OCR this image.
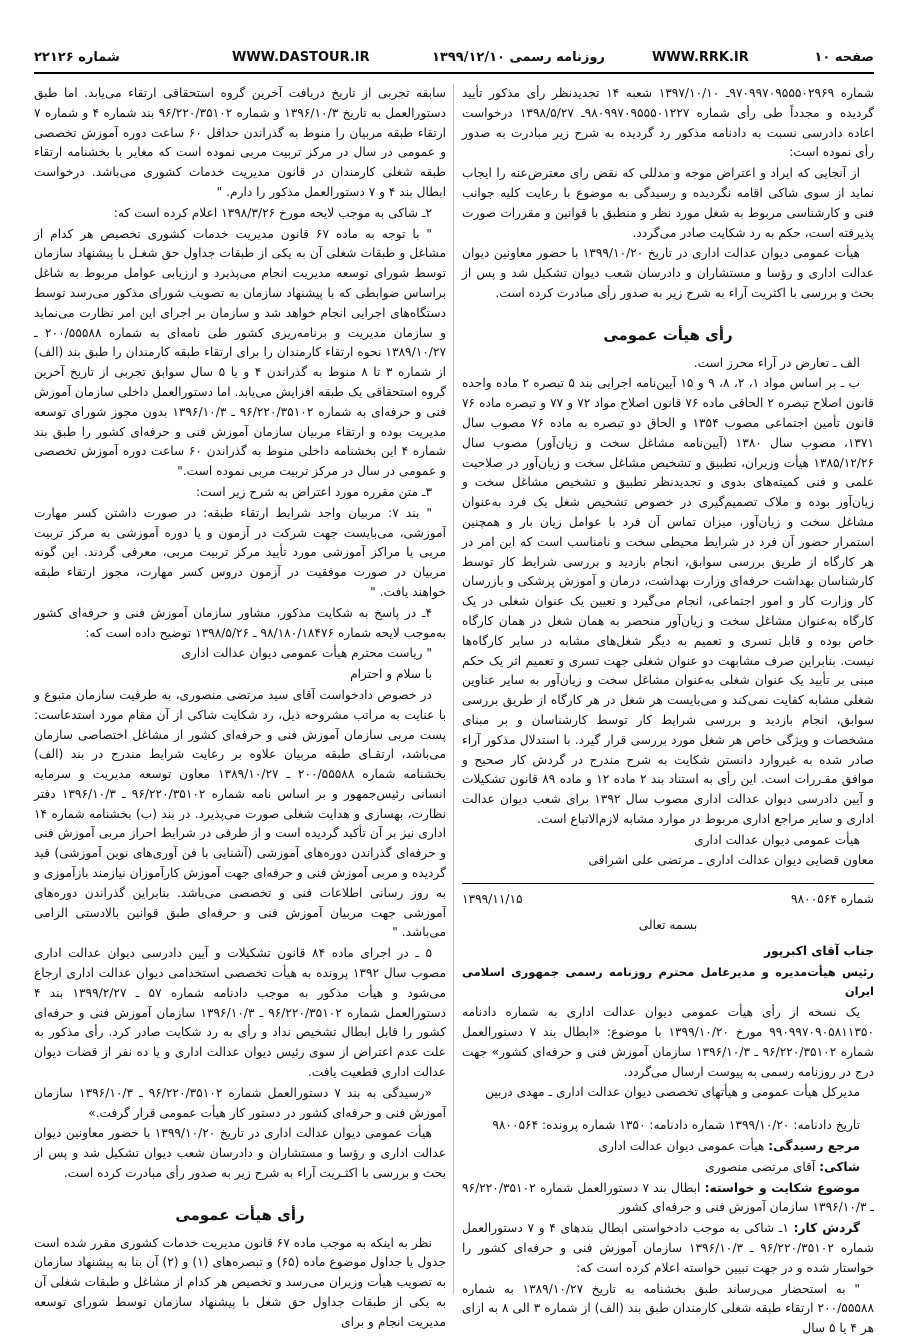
شماره ۲۲۱۲۶	WWW.DASTOUR.IR	روزنامه رسمی ۱۳۹۹/۱۲/۱۰	WWW.RRK.IR	صفحه ۱۰

شماره ۹۷۰۹۹۷۰۹۵۵۵۰۲۹۶۹ـ ۱۳۹۷/۱۰/۱۰ شعبه ۱۴ تجدیدنظر رأی مذکور تأیید گردیده و مجدداً طی رأی شماره ۹۸۰۹۹۷۰۹۵۵۵۰۱۲۲۷ـ ۱۳۹۸/۵/۲۷ درخواست اعاده دادرسی نسبت به دادنامه مذکور رد گردیده به شرح زیر مبادرت به صدور رأی نموده است:

از آنجایی که ایراد و اعتراض موجه و مدللی که نقض رای معترض‌عنه را ایجاب نماید از سوی شاکی اقامه نگردیده و رسیدگی به موضوع با رعایت کلیه جوانب فنی و کارشناسی مربوط به شغل مورد نظر و منطبق با قوانین و مقررات صورت پذیرفته است، حکم به رد شکایت صادر می‌گردد.

هیأت عمومی دیوان عدالت اداری در تاریخ ۱۳۹۹/۱۰/۲۰ با حضور معاونین دیوان عدالت اداری و رؤسا و مستشاران و دادرسان شعب دیوان تشکیل شد و پس از بحث و بررسی با اکثریت آراء به شرح زیر به صدور رأی مبادرت کرده است.

رأی هیأت عمومی

الف ـ تعارض در آراء محرز است.

ب ـ بر اساس مواد ۱، ۲، ۸، ۹ و ۱۵ آیین‌نامه اجرایی بند ۵ تبصره ۲ ماده واحده قانون اصلاح تبصره ۲ الحاقی ماده ۷۶ قانون اصلاح مواد ۷۲ و ۷۷ و تبصره ماده ۷۶ قانون تأمین اجتماعی مصوب ۱۳۵۴ و الحاق دو تبصره به ماده ۷۶ مصوب سال ۱۳۷۱، مصوب سال ۱۳۸۰ (آیین‌نامه مشاغل سخت و زیان‌آور) مصوب سال ۱۳۸۵/۱۲/۲۶ هیأت وزیران، تطبیق و تشخیص مشاغل سخت و زیان‌آور در صلاحیت علمی و فنی کمیته‌های بدوی و تجدیدنظر تطبیق و تشخیص مشاغل سخت و زیان‌آور بوده و ملاک تصمیم‌گیری در خصوص تشخیص شغل یک فرد به‌عنوان مشاغل سخت و زیان‌آور، میزان تماس آن فرد با عوامل زیان بار و همچنین استمرار حضور آن فرد در شرایط محیطی سخت و نامناسب است که این امر در هر کارگاه از طریق بررسی سوابق، انجام بازدید و بررسی شرایط کار توسط کارشناسان بهداشت حرفه‌ای وزارت بهداشت، درمان و آموزش پزشکی و بازرسان کار وزارت کار و امور اجتماعی، انجام می‌گیرد و تعیین یک عنوان شغلی در یک کارگاه به‌عنوان مشاغل سخت و زیان‌آور منحصر به همان شغل در همان کارگاه خاص بوده و قابل تسری و تعمیم به دیگر شغل‌های مشابه در سایر کارگاه‌ها نیست. بنابراین صرف مشابهت دو عنوان شغلی جهت تسری و تعمیم اثر یک حکم مبنی بر تأیید یک عنوان شغلی به‌عنوان مشاغل سخت و زیان‌آور به سایر عناوین شغلی مشابه کفایت نمی‌کند و می‌بایست هر شغل در هر کارگاه از طریق بررسی سوابق، انجام بازدید و بررسی شرایط کار توسط کارشناسان و بر مبنای مشخصات و ویژگی خاص هر شغل مورد بررسی قرار گیرد. با استدلال مذکور آراء صادر شده به غیروارد دانستن شکایت به شرح مندرج در گردش کار صحیح و موافق مقـ‌ررات است. این رأی به استناد بند ۲ ماده ۱۲ و ماده ۸۹ قانون تشکیلات و آیین دادرسی دیوان عدالت اداری مصوب سال ۱۳۹۲ برای شعب دیوان عدالت اداری و سایر مراجع اداری مربوط در موارد مشابه لازم‌الاتباع است.

هیأت عمومی دیوان عدالت اداری

معاون قضایی دیوان عدالت اداری ـ مرتضی علی اشراقی

شماره ۹۸۰۰۵۶۴
۱۳۹۹/۱۱/۱۵

بسمه تعالی

جناب آقای اکبرپور

رئیس هیأت‌مدیره و مدیرعامل محترم روزنامه رسمی جمهوری اسلامی ایران

یک نسخه از رأی هیأت عمومی دیوان عدالت اداری به شماره دادنامه ۹۹۰۹۹۷۰۹۰۵۸۱۱۳۵۰ مورخ ۱۳۹۹/۱۰/۲۰ با موضوع: «ابطال بند ۷ دستورالعمل شماره ۹۶/۲۲۰/۳۵۱۰۲ ـ ۱۳۹۶/۱۰/۳ سازمان آموزش فنی و حرفه‌ای کشور» جهت درج در روزنامه رسمی به پیوست ارسال می‌گردد.

مدیرکل هیأت عمومی و هیأتهای تخصصی دیوان عدالت اداری ـ مهدی دربین

تاریخ دادنامه: ۱۳۹۹/۱۰/۲۰ شماره دادنامه: ۱۳۵۰ شماره پرونده: ۹۸۰۰۵۶۴

مرجع رسیدگی: هیأت عمومی دیوان عدالت اداری

شاکی: آقای مرتضی منصوری

موضوع شکایت و خواسته: ابطال بند ۷ دستورالعمل شماره ۹۶/۲۲۰/۳۵۱۰۲ ـ ۱۳۹۶/۱۰/۳ سازمان آموزش فنی و حرفه‌ای کشور

گردش کار: ۱ـ شاکی به موجب دادخواستی ابطال بندهای ۴ و ۷ دستورالعمل شماره ۹۶/۲۲۰/۳۵۱۰۲ ـ ۱۳۹۶/۱۰/۳ سازمان آموزش فنی و حرفه‌ای کشور را خواستار شده و در جهت تبیین خواسته اعلام کرده است که:

" به استحضار می‌رساند طبق بخشنامه به تاریخ ۱۳۸۹/۱۰/۲۷ به شماره ۲۰۰/۵۵۵۸۸ ارتقاء طبقه شغلی کارمندان طبق بند (الف) از شماره ۳ الی ۸ به ازای هر ۴ یا ۵ سال

سابقه تجربی از تاریخ دریافت آخرین گروه استحقاقی ارتقاء می‌یابد. اما طبق دستورالعمل به تاریخ ۱۳۹۶/۱۰/۳ و شماره ۹۶/۲۲۰/۳۵۱۰۲ بند شماره ۴ و شماره ۷ ارتقاء طبقه مربیان را منوط به گذراندن حداقل ۶۰ ساعت دوره آموزش تخصصی و عمومی در سال در مرکز تربیت مربی نموده است که مغایر با بخشنامه ارتقاء طبقه شغلی کارمندان در قانون مدیریت خدمات کشوری می‌باشد. درخواست ابطال بند ۴ و ۷ دستورالعمل مذکور را دارم. "

۲ـ شاکی به موجب لایحه مورخ ۱۳۹۸/۳/۲۶ اعلام کرده است که:

" با توجه به ماده ۶۷ قانون مدیریت خدمات کشوری تخصیص هر کدام از مشاغل و طبقات شغلی آن به یکی از طبقات جداول حق شغـل با پیشنهاد سازمان توسط شورای توسعه مدیریت انجام می‌پذیرد و ارزیابی عوامل مربوط به شاغل براساس ضوابطی که با پیشنهاد سازمان به تصویب شورای مذکور می‌رسد توسط دستگاه‌های اجرایی انجام خواهد شد و سازمان بر اجرای این امر نظارت می‌نماید و سازمان مدیریت و برنامه‌ریزی کشور طی نامه‌ای به شماره ۲۰۰/۵۵۵۸۸ ـ ۱۳۸۹/۱۰/۲۷ نحوه ارتقاء کارمندان را برای ارتقاء طبقه کارمندان را طبق بند (الف) از شماره ۳ تا ۸ منوط به گذراندن ۴ و یا ۵ سال سوابق تجربی از تاریخ آخرین گروه استحقاقی یک طبقه افزایش می‌یابد. اما دستورالعمل داخلی سازمان آموزش فنی و حرفه‌ای به شماره ۹۶/۲۲۰/۳۵۱۰۲ ـ ۱۳۹۶/۱۰/۳ بدون مجوز شورای توسعه مدیریت بوده و ارتقاء مربیان سازمان آموزش فنی و حرفه‌ای کشور را طبق بند شماره ۴ این بخشنامه داخلی منوط به گذراندن ۶۰ ساعت دوره آموزش تخصصی و عمومی در سال در مرکز تربیت مربی نموده است."

۳ـ متن مقرره مورد اعتراض به شرح زیر است:

" بند ۷: مربیان واجد شرایط ارتقاء طبقه: در صورت داشتن کسر مهارت آموزشی، می‌بایست جهت شرکت در آزمون و یا دوره آموزشی به مرکز تربیت مربی یا مراکز آموزشی مورد تأیید مرکز تربیت مربی، معرفی گردند. این گونه مربیان در صورت موفقیت در آزمون دروس کسر مهارت، مجوز ارتقاء طبقه خواهند یافت. "

۴ـ در پاسخ به شکایت مذکور، مشاور سازمان آموزش فنی و حرفه‌ای کشور به‌موجب لایحه شماره ۹۸/۱۸۰/۱۸۴۷۶ ـ ۱۳۹۸/۵/۲۶ توضیح داده است که:

" ریاست محترم هیأت عمومی دیوان عدالت اداری

با سلام و احترام

در خصوص دادخواست آقای سید مرتضی منصوری، به طرفیت سازمان متبوع و با عنایت به مراتب مشروحه ذیل، رد شکایت شاکی از آن مقام مورد استدعاست: پست مربی سازمان آموزش فنی و حرفه‌ای کشور از مشاغل اختصاصی سازمان می‌باشد، ارتقـای طبقه مربیان علاوه بر رعایت شرایط مندرج در بند (الف) بخشنامه شماره ۲۰۰/۵۵۵۸۸ ـ ۱۳۸۹/۱۰/۲۷ معاون توسعه مدیریت و سرمایه انسانی رئیس‌جمهور و بر اساس نامه شماره ۹۶/۲۲۰/۳۵۱۰۲ ـ ۱۳۹۶/۱۰/۳ دفتر نظارت، بهسازی و هدایت شغلی صورت می‌پذیرد. در بند (ب) بخشنامه شماره ۱۴ اداری نیز بر آن تأکید گردیده است و از طرفی در شرایط احراز مربی آموزش فنی و حرفه‌ای گذراندن دوره‌های آموزشی (آشنایی با فن آوری‌های نوین آموزشی) قید گردیده و مربی آموزش فنی و حرفه‌ای جهت آموزش کارآموزان نیازمند بازآموزی و به روز رسانی اطلاعات فنی و تخصصی می‌باشد. بنابراین گذراندن دوره‌های آموزشی جهت مربیان آموزش فنی و حرفه‌ای طبق قوانین بالادستی الزامی می‌باشد. "

۵ ـ در اجرای ماده ۸۴ قانون تشکیلات و آیین دادرسی دیوان عدالت اداری مصوب سال ۱۳۹۲ پرونده به هیأت تخصصی استخدامی دیوان عدالت اداری ارجاع می‌شود و هیأت مذکور به موجب دادنامه شماره ۵۷ ـ ۱۳۹۹/۲/۲۷ بند ۴ دستورالعمل شماره ۹۶/۲۲۰/۳۵۱۰۲ ـ ۱۳۹۶/۱۰/۳ سازمان آموزش فنی و حرفه‌ای کشور را قابل ابطال تشخیص نداد و رأی به رد شکایت صادر کرد. رأی مذکور به علت عدم اعتراض از سوی رئیس دیوان عدالت اداری و یا ده نفر از قضات دیوان عدالت اداری قطعیت یافت.

«رسیدگی به بند ۷ دستورالعمل شماره ۹۶/۲۲۰/۳۵۱۰۲ ـ ۱۳۹۶/۱۰/۳ سازمان آموزش فنی و حرفه‌ای کشور در دستور کار هیأت عمومی قرار گرفت.»

هیأت عمومی دیوان عدالت اداری در تاریخ ۱۳۹۹/۱۰/۲۰ با حضور معاونین دیوان عدالت اداری و رؤسا و مستشاران و دادرسان شعب دیوان تشکیل شد و پس از بحث و بررسی با اکثـریت آراء به شرح زیر به صدور رأی مبادرت کرده است.

رأی هیأت عمومی

نظر به اینکه به موجب ماده ۶۷ قانون مدیریت خدمات کشوری مقرر شده است جدول یا جداول موضوع ماده (۶۵) و تبصره‌های (۱) و (۲) آن بنا به پیشنهاد سازمان به تصویب هیأت وزیران می‌رسد و تخصیص هر کدام از مشاغل و طبقات شغلی آن به یکی از طبقات جداول حق شغل با پیشنهاد سازمان توسط شورای توسعه مدیریت انجام و برای
